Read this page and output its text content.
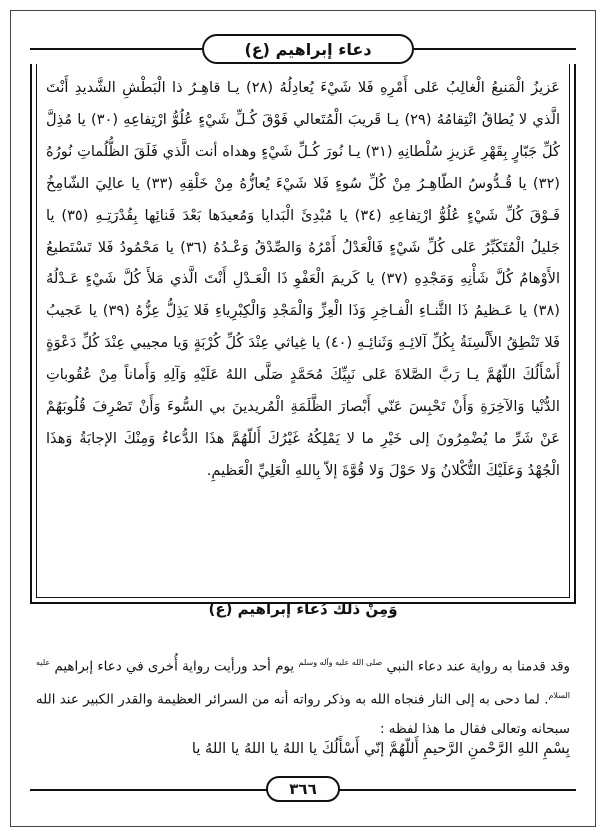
دعاء إبراهيم (ع)

عَزيزُ الْمَنيعُ الْغالِبُ عَلى أَمْرِهِ فَلا شَيْءَ يُعادِلُهُ (٢٨) يـا قاهِـرُ ذا الْبَطْشِ الشَّديدِ أَنْتَ الَّذي لا يُطاقُ انْتِقامُهُ (٢٩) يـا قَريبَ الْمُتَعالي فَوْقَ كُـلِّ شَيْءٍ عُلُوُّ ارْتِفاعِهِ (٣٠) يا مُذِلَّ كُلِّ جَبّارٍ بِقَهْرِ عَزيزِ سُلْطانِهِ (٣١) يـا نُورَ كُـلِّ شَيْءٍ وهداه أنت الَّذي فَلَقَ الظُّلُماتِ نُورُهُ (٣٢) يا قُـدُّوسُ الطّاهِـرُ مِنْ كُلِّ سُوءٍ فَلا شَيْءَ يُعازُّهُ مِنْ خَلْقِهِ (٣٣) يا عالِيَ الشّامِخُ فَـوْقَ كُلِّ شَيْءٍ عُلُوُّ ارْتِفاعِهِ (٣٤) يا مُبْدِئَ الْبَدايا وَمُعيدَها بَعْدَ فَنائِها بِقُدْرَتِـهِ (٣٥) يا جَليلُ الْمُتَكَبِّرُ عَلى كُلِّ شَيْءٍ فَالْعَدْلُ أَمْرُهُ وَالصِّدْقُ وَعْـدُهُ (٣٦) يا مَحْمُودُ فَلا تَسْتَطيعُ الأَوْهامُ كُلَّ شَأْنِهِ وَمَجْدِهِ (٣٧) يا كَريمَ الْعَفْوِ ذَا الْعَـدْلِ أَنْتَ الَّذي مَلأَ كُلَّ شَيْءٍ عَـدْلُهُ (٣٨) يا عَـظيمُ ذَا الثَّنـاءِ الْفـاخِرِ وَذَا الْعِزِّ وَالْمَجْدِ وَالْكِبْرِياءِ فَلا يَذِلُّ عِزُّهُ (٣٩) يا عَجيبُ فَلا تَنْطِقُ الأَلْسِنَةُ بِكُلِّ آلائِـهِ وَثَنائِـهِ (٤٠) يا غِياثي عِنْدَ كُلِّ كُرْبَةٍ وَيا مجيبي عِنْدَ كُلِّ دَعْوَةٍ أَسْأَلُكَ اللّهُمَّ يـا رَبَّ الصَّلاةَ عَلى نَبِيِّكَ مُحَمَّدٍ صَلَّى اللهُ عَلَيْهِ وَآلِهِ وَأَماناً مِنْ عُقُوباتِ الدُّنْيا وَالآخِرَةِ وَأَنْ تَحْبِسَ عَنّي أَبْصارَ الظَّلَمَةِ الْمُريدينَ بي السُّوءَ وَأَنْ تَصْرِفَ قُلُوبَهُمْ عَنْ شَرِّ ما يُضْمِرُونَ إلى خَيْرِ ما لا يَمْلِكُهُ غَيْرُكَ أَللّهُمَّ هذَا الدُّعاءُ وَمِنْكَ الإجابَةُ وَهذَا الْجُهْدُ وَعَلَيْكَ التُّكْلانُ وَلا حَوْلَ وَلا قُوَّةَ إلاّ بِاللهِ الْعَلِيِّ الْعَظيمِ.

وَمِنْ ذلك دُعاء إبراهيم (ع)

وقد قدمنا به رواية عند دعاء النبي $^{صلى الله عليه وآله وسلم}$ يوم أحد ورأيت رواية أُخرى في دعاء إبراهيم $^{عليه السلام}$. لما دحى به إلى النار فنجاه الله به وذكر رواته أنه من السرائر العظيمة والقدر الكبير عند الله سبحانه وتعالى فقال ما هذا لفظه :

بِسْمِ اللهِ الرَّحْمنِ الرَّحيمِ أَللّهُمَّ إنّي أَسْأَلُكَ يا اللهُ يا اللهُ يا اللهُ يا

٣٦٦
